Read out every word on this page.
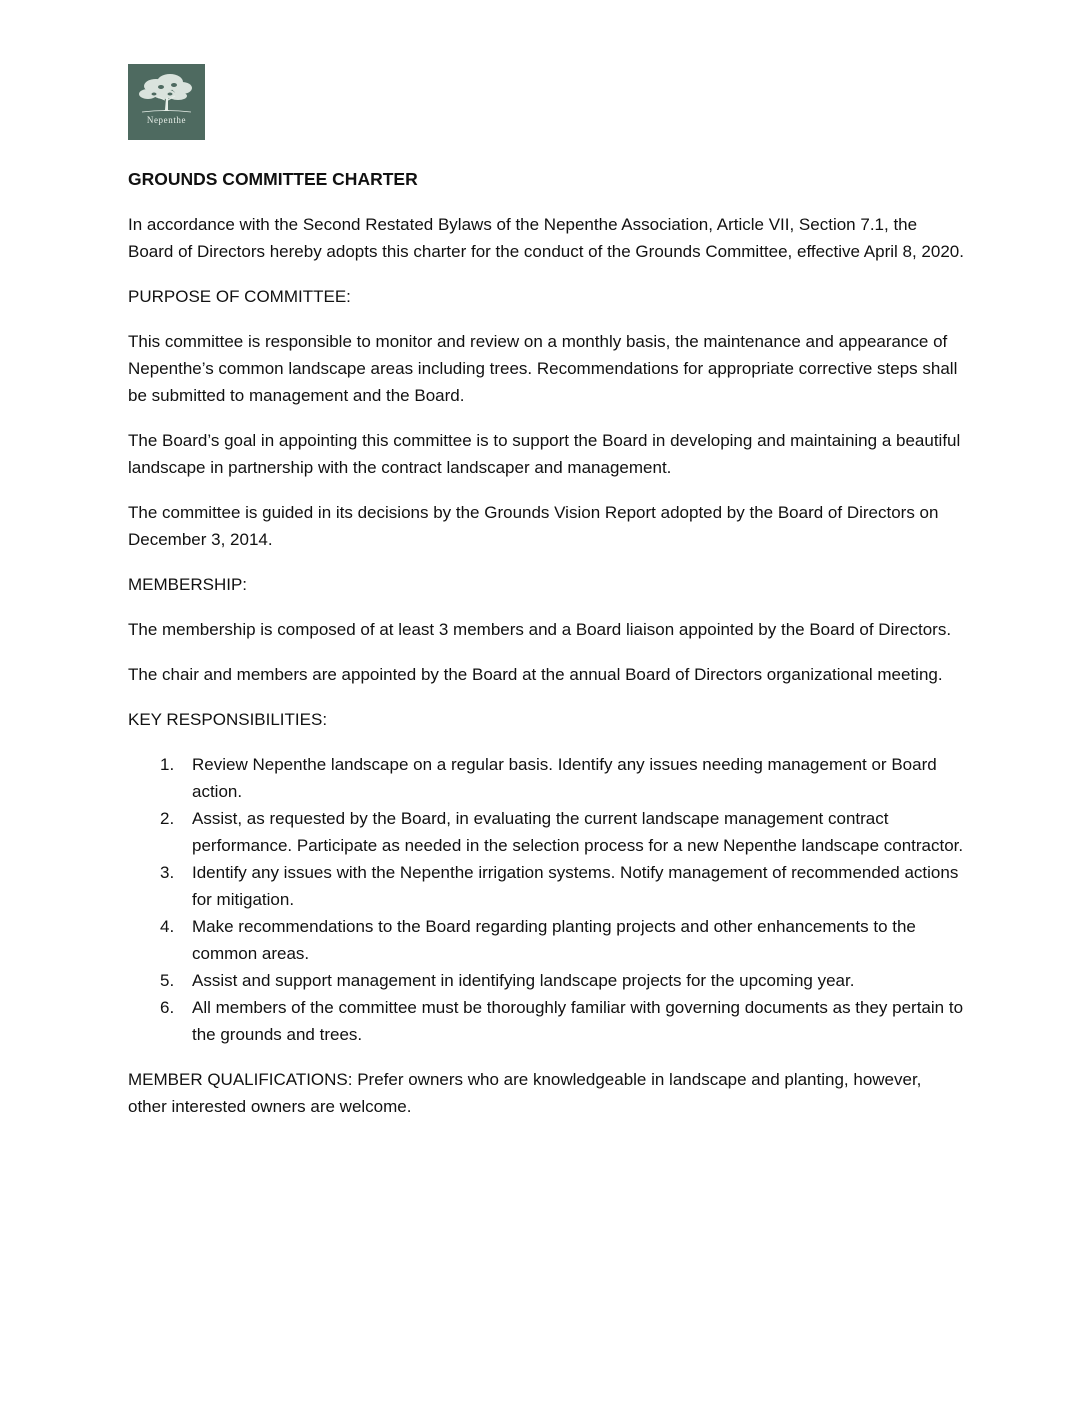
Nepenthe
GROUNDS COMMITTEE CHARTER

In accordance with the Second Restated Bylaws of the Nepenthe Association, Article VII, Section 7.1, the Board of Directors hereby adopts this charter for the conduct of the Grounds Committee, effective April 8, 2020.

PURPOSE OF COMMITTEE:

This committee is responsible to monitor and review on a monthly basis, the maintenance and appearance of Nepenthe’s common landscape areas including trees. Recommendations for appropriate corrective steps shall be submitted to management and the Board.

The Board’s goal in appointing this committee is to support the Board in developing and maintaining a beautiful landscape in partnership with the contract landscaper and management.

The committee is guided in its decisions by the Grounds Vision Report adopted by the Board of Directors on December 3, 2014.

MEMBERSHIP:

The membership is composed of at least 3 members and a Board liaison appointed by the Board of Directors.

The chair and members are appointed by the Board at the annual Board of Directors organizational meeting.

KEY RESPONSIBILITIES:

1. Review Nepenthe landscape on a regular basis. Identify any issues needing management or Board action.
2. Assist, as requested by the Board, in evaluating the current landscape management contract performance. Participate as needed in the selection process for a new Nepenthe landscape contractor.
3. Identify any issues with the Nepenthe irrigation systems. Notify management of recommended actions for mitigation.
4. Make recommendations to the Board regarding planting projects and other enhancements to the common areas.
5. Assist and support management in identifying landscape projects for the upcoming year.
6. All members of the committee must be thoroughly familiar with governing documents as they pertain to the grounds and trees.

MEMBER QUALIFICATIONS: Prefer owners who are knowledgeable in landscape and planting, however, other interested owners are welcome.
